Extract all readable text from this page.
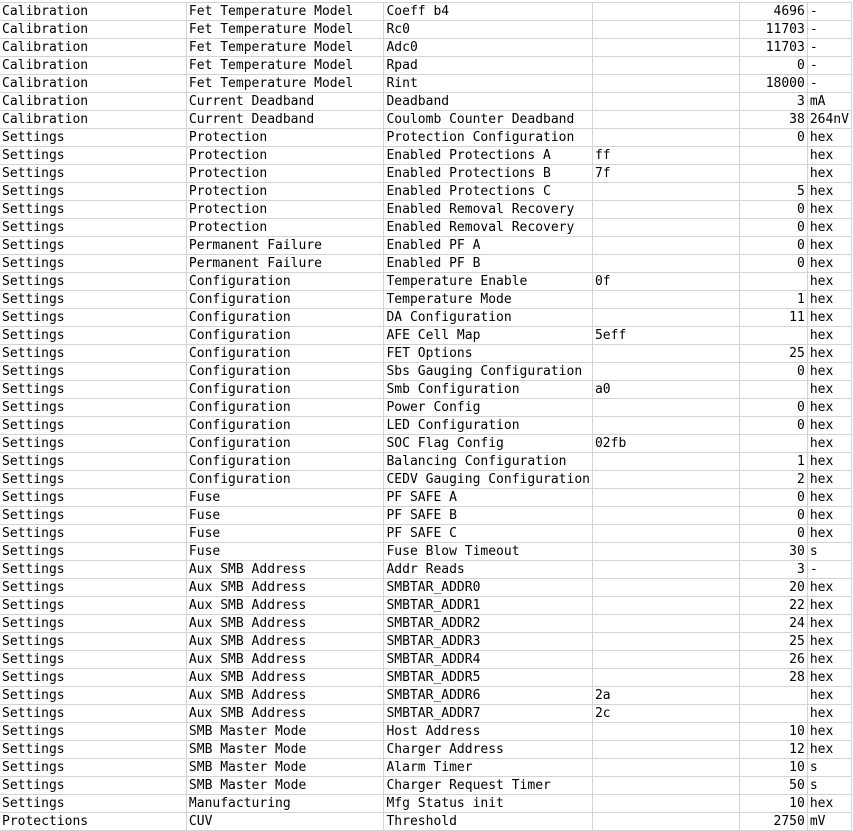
Calibration	Fet Temperature Model	Coeff b4		4696	-
Calibration	Fet Temperature Model	Rc0		11703	-
Calibration	Fet Temperature Model	Adc0		11703	-
Calibration	Fet Temperature Model	Rpad		0	-
Calibration	Fet Temperature Model	Rint		18000	-
Calibration	Current Deadband	Deadband		3	mA
Calibration	Current Deadband	Coulomb Counter Deadband		38	264nV
Settings	Protection	Protection Configuration		0	hex
Settings	Protection	Enabled Protections A	ff		hex
Settings	Protection	Enabled Protections B	7f		hex
Settings	Protection	Enabled Protections C		5	hex
Settings	Protection	Enabled Removal Recovery		0	hex
Settings	Protection	Enabled Removal Recovery		0	hex
Settings	Permanent Failure	Enabled PF A		0	hex
Settings	Permanent Failure	Enabled PF B		0	hex
Settings	Configuration	Temperature Enable	0f		hex
Settings	Configuration	Temperature Mode		1	hex
Settings	Configuration	DA Configuration		11	hex
Settings	Configuration	AFE Cell Map	5eff		hex
Settings	Configuration	FET Options		25	hex
Settings	Configuration	Sbs Gauging Configuration		0	hex
Settings	Configuration	Smb Configuration	a0		hex
Settings	Configuration	Power Config		0	hex
Settings	Configuration	LED Configuration		0	hex
Settings	Configuration	SOC Flag Config	02fb		hex
Settings	Configuration	Balancing Configuration		1	hex
Settings	Configuration	CEDV Gauging Configuration		2	hex
Settings	Fuse	PF SAFE A		0	hex
Settings	Fuse	PF SAFE B		0	hex
Settings	Fuse	PF SAFE C		0	hex
Settings	Fuse	Fuse Blow Timeout		30	s
Settings	Aux SMB Address	Addr Reads		3	-
Settings	Aux SMB Address	SMBTAR_ADDR0		20	hex
Settings	Aux SMB Address	SMBTAR_ADDR1		22	hex
Settings	Aux SMB Address	SMBTAR_ADDR2		24	hex
Settings	Aux SMB Address	SMBTAR_ADDR3		25	hex
Settings	Aux SMB Address	SMBTAR_ADDR4		26	hex
Settings	Aux SMB Address	SMBTAR_ADDR5		28	hex
Settings	Aux SMB Address	SMBTAR_ADDR6	2a		hex
Settings	Aux SMB Address	SMBTAR_ADDR7	2c		hex
Settings	SMB Master Mode	Host Address		10	hex
Settings	SMB Master Mode	Charger Address		12	hex
Settings	SMB Master Mode	Alarm Timer		10	s
Settings	SMB Master Mode	Charger Request Timer		50	s
Settings	Manufacturing	Mfg Status init		10	hex
Protections	CUV	Threshold		2750	mV
